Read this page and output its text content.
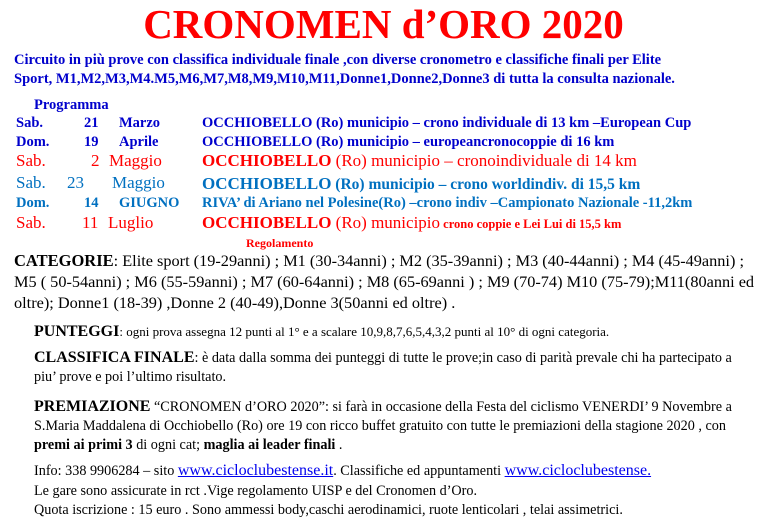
CRONOMEN d’ORO 2020
Circuito in più prove con classifica individuale finale ,con diverse cronometro e classifiche finali per Elite
Sport, M1,M2,M3,M4.M5,M6,M7,M8,M9,M10,M11,Donne1,Donne2,Donne3 di tutta la consulta nazionale.
Programma
Sab.	21 Marzo	OCCHIOBELLO (Ro) municipio – crono individuale di 13 km –European Cup
Dom. 19 Aprile	OCCHIOBELLO (Ro) municipio – europeancronocoppie di 16 km
Sab.	2 Maggio OCCHIOBELLO (Ro) municipio – cronoindividuale di 14 km
Sab. 23 Maggio OCCHIOBELLO (Ro) municipio – crono worldindiv. di 15,5 km
Dom. 14 GIUGNO RIVA’ di Ariano nel Polesine(Ro) –crono indiv –Campionato Nazionale -11,2km
Sab. 11 Luglio	OCCHIOBELLO (Ro) municipio crono coppie e Lei Lui di 15,5 km
Regolamento
CATEGORIE: Elite sport (19-29anni) ; M1 (30-34anni) ; M2 (35-39anni) ; M3 (40-44anni) ; M4 (45-49anni) ; M5 ( 50-54anni) ; M6 (55-59anni) ; M7 (60-64anni) ; M8 (65-69anni ) ; M9 (70-74) M10 (75-79);M11(80anni ed oltre); Donne1 (18-39) ,Donne 2 (40-49),Donne 3(50anni ed oltre) .
PUNTEGGI: ogni prova assegna 12 punti al 1° e a scalare 10,9,8,7,6,5,4,3,2 punti al 10° di ogni categoria.
CLASSIFICA FINALE: è data dalla somma dei punteggi di tutte le prove;in caso di parità prevale chi ha partecipato a piu’ prove e poi l’ultimo risultato.
PREMIAZIONE “CRONOMEN d’ORO 2020”: si farà in occasione della Festa del ciclismo VENERDI’ 9 Novembre a S.Maria Maddalena di Occhiobello (Ro) ore 19 con ricco buffet gratuito con tutte le premiazioni della stagione 2020 , con premi ai primi 3 di ogni cat; maglia ai leader finali .
Info: 338 9906284 – sito www.cicloclubestense.it. Classifiche ed appuntamenti www.cicloclubestense.
Le gare sono assicurate in rct .Vige regolamento UISP e del Cronomen d’Oro.
Quota iscrizione : 15 euro . Sono ammessi body,caschi aerodinamici, ruote lenticolari , telai assimetrici.
